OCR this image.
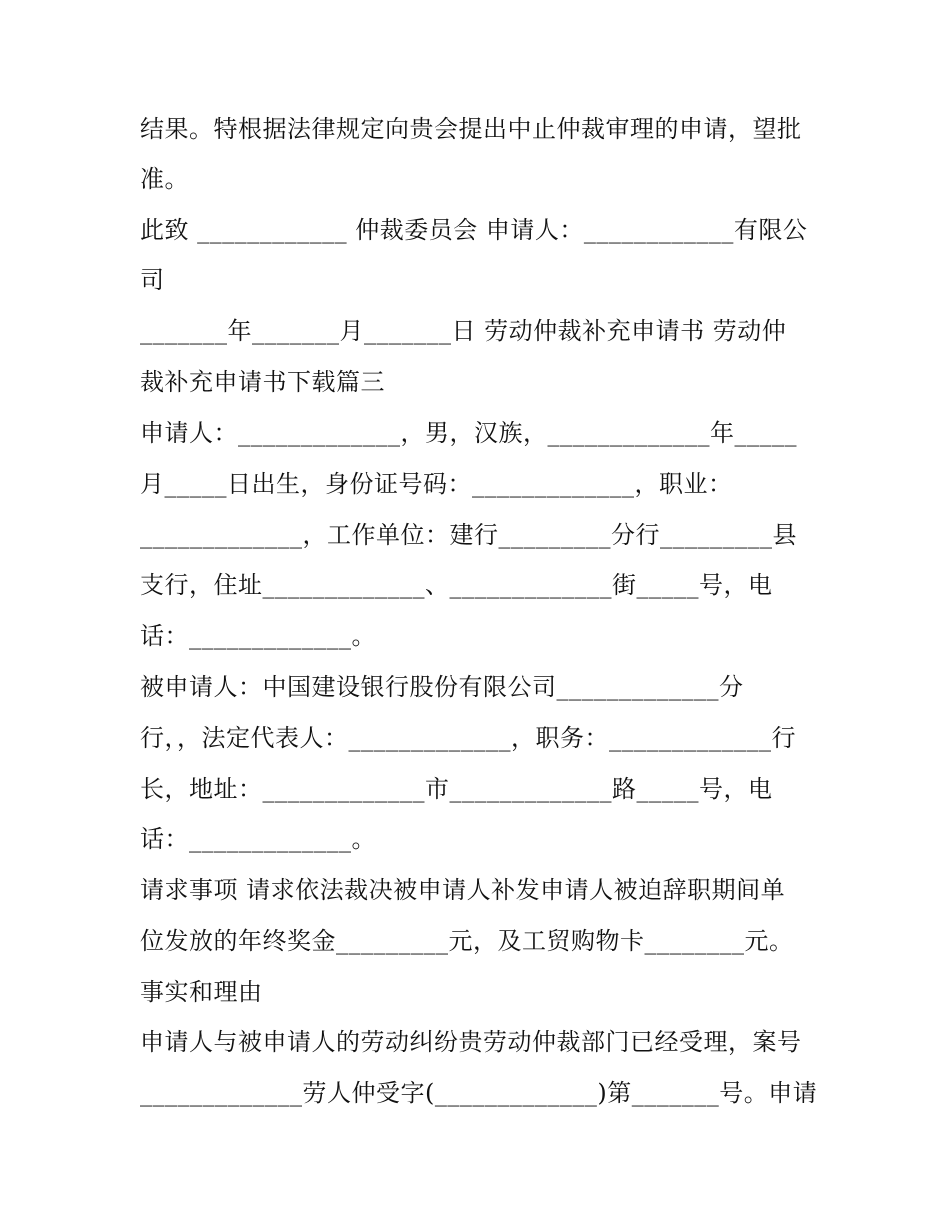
结果。特根据法律规定向贵会提出中止仲裁审理的申请，望批
准。
此致 ____________ 仲裁委员会 申请人：____________有限公
司
_______年_______月_______日 劳动仲裁补充申请书 劳动仲
裁补充申请书下载篇三
申请人：_____________，男，汉族，_____________年_____
月_____日出生，身份证号码：_____________，职业：
_____________，工作单位：建行_________分行_________县
支行，住址_____________、_____________街_____号，电
话：_____________。
被申请人：中国建设银行股份有限公司_____________分
行，，法定代表人：_____________，职务：_____________行
长，地址：_____________市_____________路_____号，电
话：_____________。
请求事项 请求依法裁决被申请人补发申请人被迫辞职期间单
位发放的年终奖金_________元，及工贸购物卡________元。
事实和理由
申请人与被申请人的劳动纠纷贵劳动仲裁部门已经受理，案号
_____________劳人仲受字(_____________)第_______号。申请
